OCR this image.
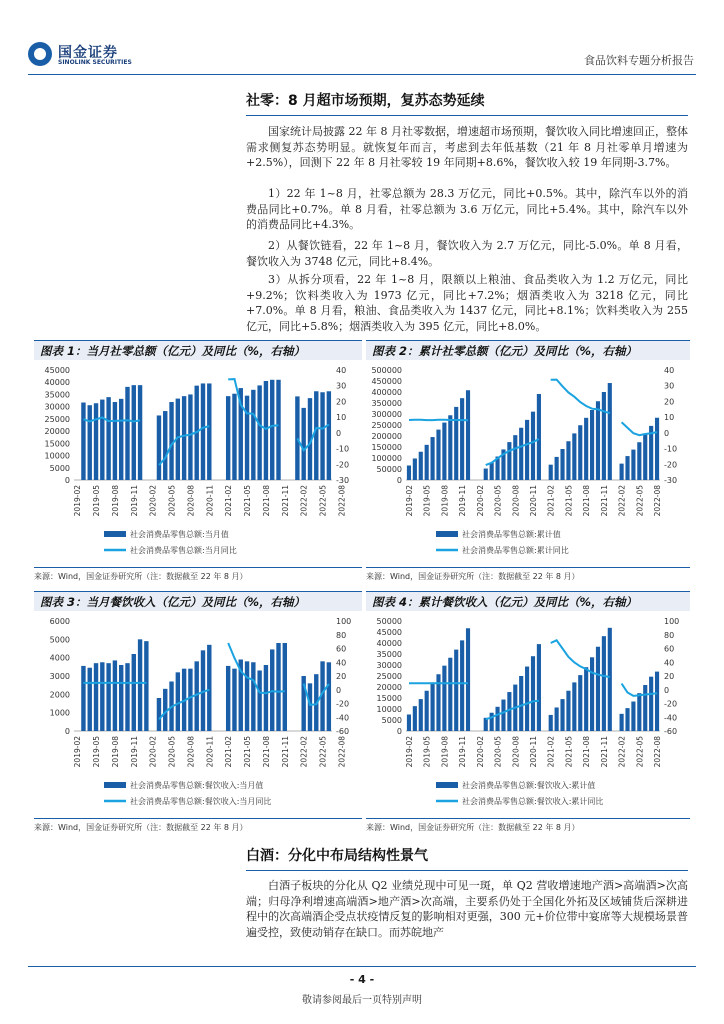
国金证券
SINOLINK SECURITIES	食品饮料专题分析报告
社零：8 月超市场预期，复苏态势延续
国家统计局披露 22 年 8 月社零数据，增速超市场预期，餐饮收入同比增速回正，整体需求侧复苏态势明显。就恢复年而言，考虑到去年低基数（21 年 8 月社零单月增速为+2.5%），回测下 22 年 8 月社零较 19 年同期+8.6%，餐饮收入较 19 年同期-3.7%。
1）22 年 1~8 月，社零总额为 28.3 万亿元，同比+0.5%。其中，除汽车以外的消费品同比+0.7%。单 8 月看，社零总额为 3.6 万亿元，同比+5.4%。其中，除汽车以外的消费品同比+4.3%。
2）从餐饮链看，22 年 1~8 月，餐饮收入为 2.7 万亿元，同比-5.0%。单 8 月看，餐饮收入为 3748 亿元，同比+8.4%。
3）从拆分项看，22 年 1~8 月，限额以上粮油、食品类收入为 1.2 万亿元，同比+9.2%；饮料类收入为 1973 亿元，同比+7.2%；烟酒类收入为 3218 亿元，同比+7.0%。单 8 月看，粮油、食品类收入为 1437 亿元，同比+8.1%；饮料类收入为 255 亿元，同比+5.8%；烟酒类收入为 395 亿元，同比+8.0%。
图表 1：当月社零总额（亿元）及同比（%，右轴）
0
5000
10000
15000
20000
25000
30000
35000
40000
45000
-30
-20
-10
0
10
20
30
40
2019-02 2019-05 2019-08 2019-11 2020-02 2020-05 2020-08 2020-11 2021-02 2021-05 2021-08 2021-11 2022-02 2022-05 2022-08
社会消费品零售总额:当月值
社会消费品零售总额:当月同比
来源：Wind，国金证券研究所（注：数据截至 22 年 8 月）
图表 2：累计社零总额（亿元）及同比（%，右轴）
0
50000
100000
150000
200000
250000
300000
350000
400000
450000
500000
-30
-20
-10
0
10
20
30
40
2019-02 2019-05 2019-08 2019-11 2020-02 2020-05 2020-08 2020-11 2021-02 2021-05 2021-08 2021-11 2022-02 2022-05 2022-08
社会消费品零售总额:累计值
社会消费品零售总额:累计同比
来源：Wind，国金证券研究所（注：数据截至 22 年 8 月）
图表 3：当月餐饮收入（亿元）及同比（%，右轴）
0
1000
2000
3000
4000
5000
6000
-60
-40
-20
0
20
40
60
80
100
2019-02 2019-05 2019-08 2019-11 2020-02 2020-05 2020-08 2020-11 2021-02 2021-05 2021-08 2021-11 2022-02 2022-05 2022-08
社会消费品零售总额:餐饮收入:当月值
社会消费品零售总额:餐饮收入:当月同比
来源：Wind，国金证券研究所（注：数据截至 22 年 8 月）
图表 4：累计餐饮收入（亿元）及同比（%，右轴）
0
5000
10000
15000
20000
25000
30000
35000
40000
45000
50000
-60
-40
-20
0
20
40
60
80
100
2019-02 2019-05 2019-08 2019-11 2020-02 2020-05 2020-08 2020-11 2021-02 2021-05 2021-08 2021-11 2022-02 2022-05 2022-08
社会消费品零售总额:餐饮收入:累计值
社会消费品零售总额:餐饮收入:累计同比
来源：Wind，国金证券研究所（注：数据截至 22 年 8 月）
白酒：分化中布局结构性景气
白酒子板块的分化从 Q2 业绩兑现中可见一斑，单 Q2 营收增速地产酒>高端酒>次高端；归母净利增速高端酒>地产酒>次高端，主要系仍处于全国化外拓及区域铺货后深耕进程中的次高端酒企受点状疫情反复的影响相对更强，300 元+价位带中宴席等大规模场景普遍受控，致使动销存在缺口。而苏皖地产
- 4 -
敬请参阅最后一页特别声明
